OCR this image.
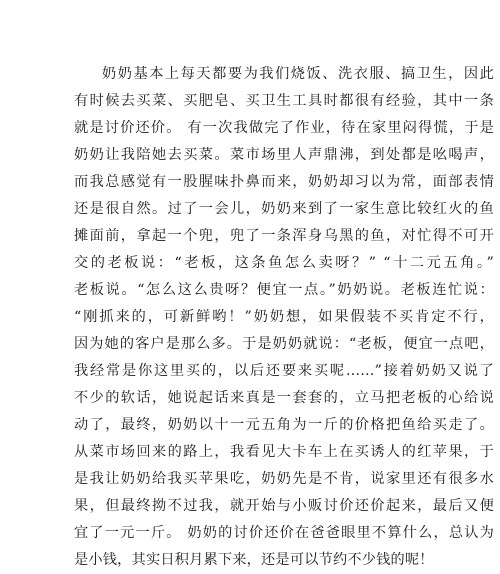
奶奶基本上每天都要为我们烧饭、洗衣服、搞卫生，因此
有时候去买菜、买肥皂、买卫生工具时都很有经验，其中一条
就是讨价还价。 有一次我做完了作业，待在家里闷得慌，于是
奶奶让我陪她去买菜。菜市场里人声鼎沸，到处都是吆喝声，
而我总感觉有一股腥味扑鼻而来，奶奶却习以为常，面部表情
还是很自然。过了一会儿，奶奶来到了一家生意比较红火的鱼
摊面前，拿起一个兜，兜了一条浑身乌黑的鱼，对忙得不可开
交的老板说：“老板，这条鱼怎么卖呀？” “十二元五角。”
老板说。“怎么这么贵呀？便宜一点。”奶奶说。老板连忙说：
“刚抓来的，可新鲜哟！”奶奶想，如果假装不买肯定不行，
因为她的客户是那么多。于是奶奶就说：“老板，便宜一点吧，
我经常是你这里买的，以后还要来买呢……”接着奶奶又说了
不少的软话，她说起话来真是一套套的，立马把老板的心给说
动了，最终，奶奶以十一元五角为一斤的价格把鱼给买走了。
从菜市场回来的路上，我看见大卡车上在买诱人的红苹果，于
是我让奶奶给我买苹果吃，奶奶先是不肯，说家里还有很多水
果，但最终拗不过我，就开始与小贩讨价还价起来，最后又便
宜了一元一斤。 奶奶的讨价还价在爸爸眼里不算什么，总认为
是小钱，其实日积月累下来，还是可以节约不少钱的呢！
